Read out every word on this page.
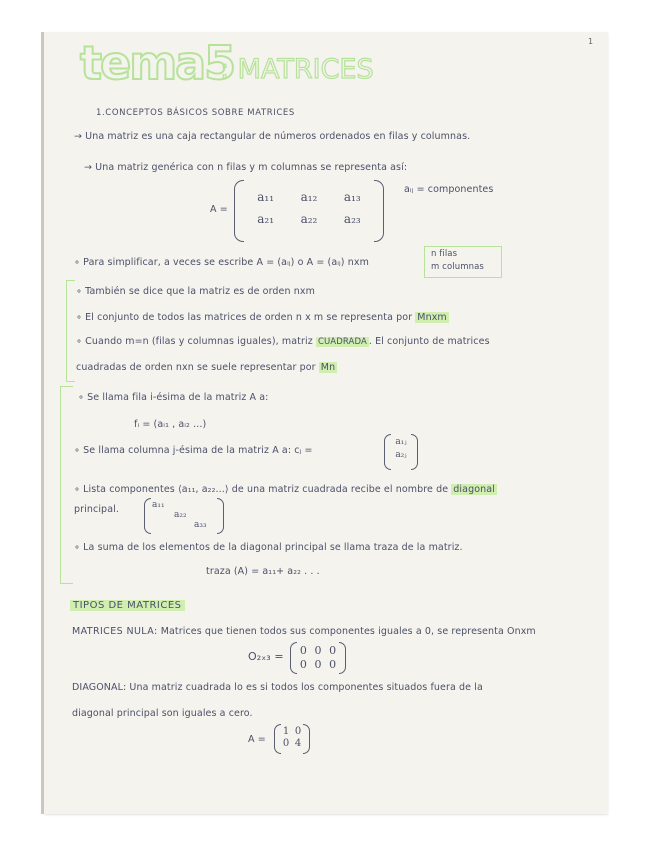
tema5
: MATRICES
1.CONCEPTOS BÁSICOS SOBRE MATRICES
→ Una matriz es una caja rectangular de números ordenados en filas y columnas.
→ Una matriz genérica con n filas y m columnas se representa así:
A =
a₁₁	a₁₂	a₁₃
a₂₁	a₂₂	a₂₃
aᵢⱼ = componentes
∘ Para simplificar, a veces se escribe A = (aᵢⱼ) o A = (aᵢⱼ) nxm
n filas
m columnas
∘ También se dice que la matriz es de orden nxm
∘ El conjunto de todos las matrices de orden n x m se representa por Mnxm
∘ Cuando m=n (filas y columnas iguales), matriz CUADRADA . El conjunto de matrices
cuadradas de orden nxn se suele representar por Mn
∘ Se llama fila i-ésima de la matriz A a:
fᵢ = (aᵢ₁ , aᵢ₂ ...)
∘ Se llama columna j-ésima de la matriz A a: cⱼ =
a₁ⱼ
a₂ⱼ
∘ Lista componentes ⟨a₁₁, a₂₂...⟩ de una matriz cuadrada recibe el nombre de diagonal
principal.	a₁₁
a₂₂
a₃₃
∘ La suma de los elementos de la diagonal principal se llama traza de la matriz.
traza (A) = a₁₁+ a₂₂ . . .
TIPOS DE MATRICES
MATRICES NULA: Matrices que tienen todos sus componentes iguales a 0, se representa Onxm
O₂ₓ₃ =	0 0 0
0 0 0
DIAGONAL: Una matriz cuadrada lo es si todos los componentes situados fuera de la
diagonal principal son iguales a cero.
A =
1 0
0 4
1
